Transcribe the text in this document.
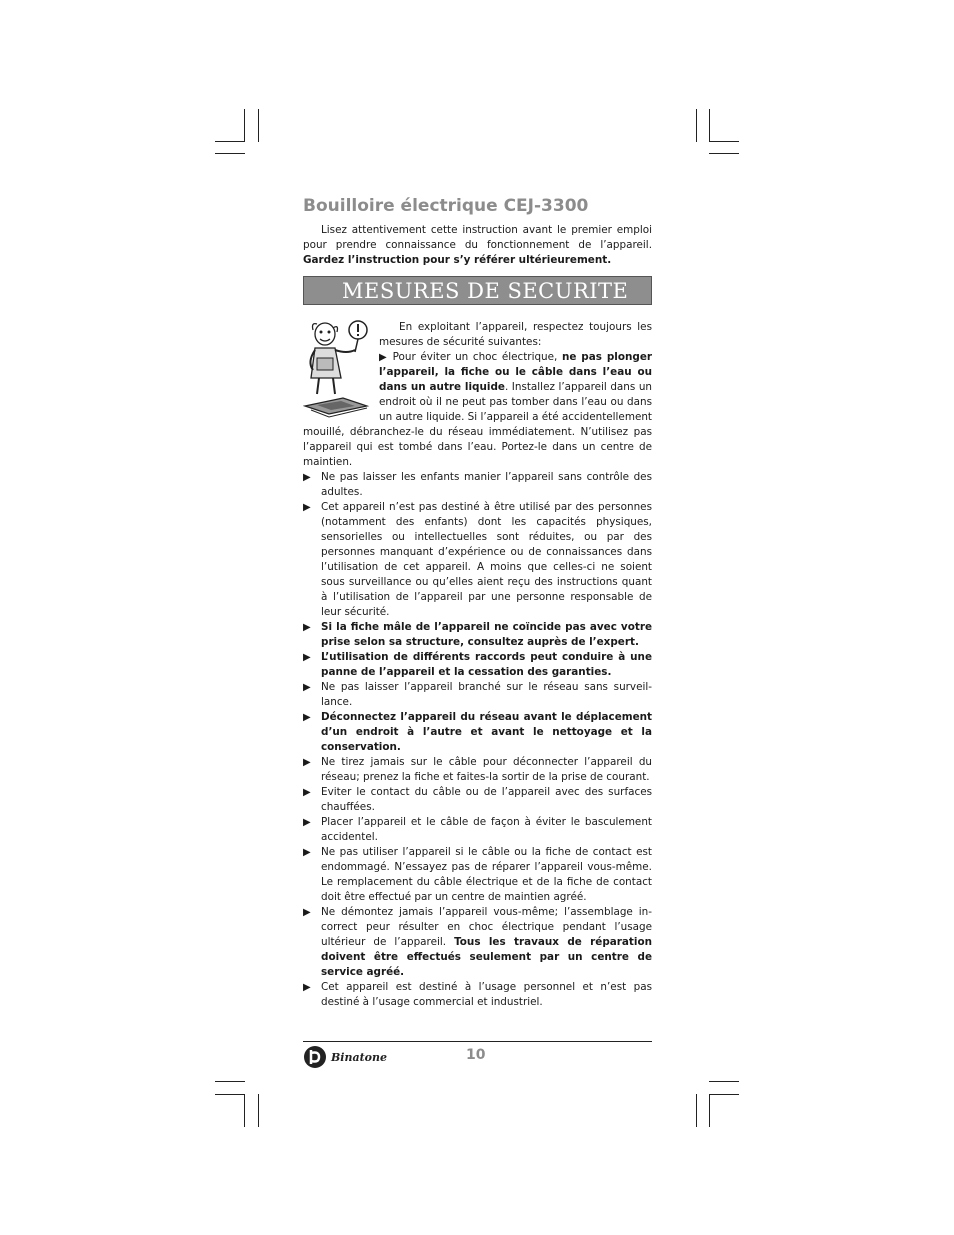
Bouilloire électrique CEJ-3300

Lisez attentivement cette instruction avant le premier emploi pour prendre connaissance du fonctionnement de l’appareil. Gardez l’instruction pour s’y référer ultérieurement.

MESURES DE SECURITE

En exploitant l’appareil, respectez toujours les mesures de sécurité suivantes:

▶ Pour éviter un choc électrique, ne pas plonger l’appareil, la fiche ou le câble dans l’eau ou dans un autre liquide. Installez l’appareil dans un endroit où il ne peut pas tomber dans l’eau ou dans un autre liquide. Si l’appareil a été accidentellement mouillé, débranchez-le du réseau immédiatement. N’utilisez pas l’appareil qui est tombé dans l’eau. Portez-le dans un centre de maintien.

▶ Ne pas laisser les enfants manier l’appareil sans contrôle des adultes.
▶ Cet appareil n’est pas destiné à être utilisé par des personnes (notamment des enfants) dont les capacités physiques, sensorielles ou intellectuelles sont réduites, ou par des personnes manquant d’expérience ou de connaissances dans l’utilisation de cet appareil. A moins que celles-ci ne soient sous surveillance ou qu’elles aient reçu des instructions quant à l’utilisation de l’appareil par une personne responsable de leur sécurité.
▶ Si la fiche mâle de l’appareil ne coïncide pas avec votre prise selon sa structure, consultez auprès de l’expert.
▶ L’utilisation de différents raccords peut conduire à une panne de l’appareil et la cessation des garanties.
▶ Ne pas laisser l’appareil branché sur le réseau sans surveil-lance.
▶ Déconnectez l’appareil du réseau avant le déplacement d’un endroit à l’autre et avant le nettoyage et la conservation.
▶ Ne tirez jamais sur le câble pour déconnecter l’appareil du réseau; prenez la fiche et faites-la sortir de la prise de courant.
▶ Eviter le contact du câble ou de l’appareil avec des surfaces chauffées.
▶ Placer l’appareil et le câble de façon à éviter le basculement accidentel.
▶ Ne pas utiliser l’appareil si le câble ou la fiche de contact est endommagé. N’essayez pas de réparer l’appareil vous-même. Le remplacement du câble électrique et de la fiche de contact doit être effectué par un centre de maintien agréé.
▶ Ne démontez jamais l’appareil vous-même; l’assemblage in-correct peur résulter en choc électrique pendant l’usage ultérieur de l’appareil. Tous les travaux de réparation doivent être effectués seulement par un centre de service agréé.
▶ Cet appareil est destiné à l’usage personnel et n’est pas destiné à l’usage commercial et industriel.
Binatone	10
